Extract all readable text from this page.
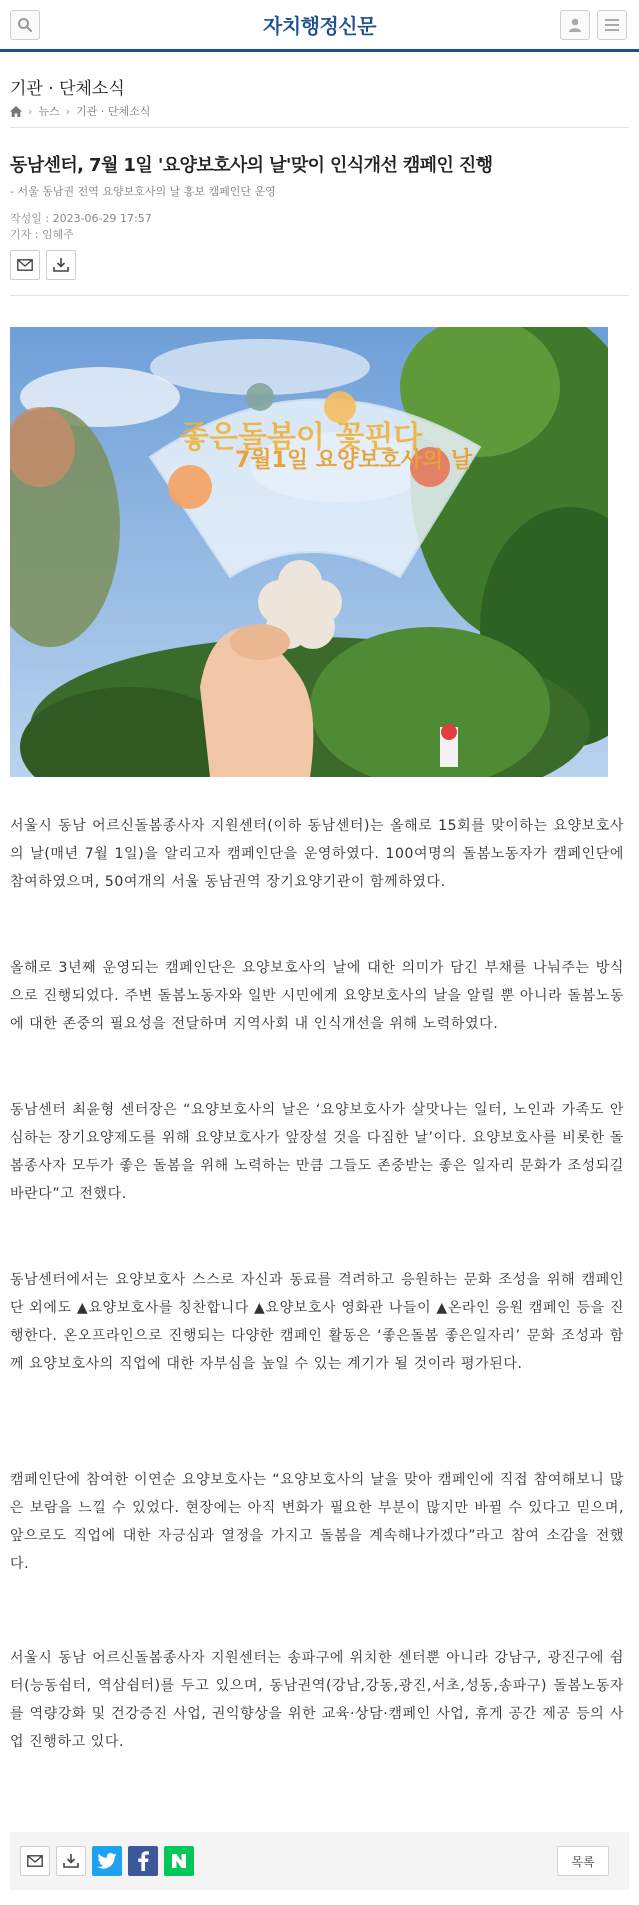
자치행정신문
기관 · 단체소식
› 뉴스 › 기관 · 단체소식
동남센터, 7월 1일 '요양보호사의 날'맞이 인식개선 캠페인 진행
- 서울 동남권 전역 요양보호사의 날 홍보 캠페인단 운영
작성일 : 2023-06-29 17:57
기자 : 임혜주
7월1일 요양보호사의 날
좋은돌봄이 꽃핀다
서울시 동남 어르신돌봄종사자 지원센터(이하 동남센터)는 올해로 15회를 맞이하는 요양보호사의 날(매년 7월 1일)을 알리고자 캠페인단을 운영하였다. 100여명의 돌봄노동자가 캠페인단에 참여하였으며, 50여개의 서울 동남권역 장기요양기관이 함께하였다.
올해로 3년째 운영되는 캠페인단은 요양보호사의 날에 대한 의미가 담긴 부채를 나눠주는 방식으로 진행되었다. 주변 돌봄노동자와 일반 시민에게 요양보호사의 날을 알릴 뿐 아니라 돌봄노동에 대한 존중의 필요성을 전달하며 지역사회 내 인식개선을 위해 노력하였다.
동남센터 최윤형 센터장은 “요양보호사의 날은 ‘요양보호사가 살맛나는 일터, 노인과 가족도 안심하는 장기요양제도를 위해 요양보호사가 앞장설 것을 다짐한 날’이다. 요양보호사를 비롯한 돌봄종사자 모두가 좋은 돌봄을 위해 노력하는 만큼 그들도 존중받는 좋은 일자리 문화가 조성되길 바란다”고 전했다.
동남센터에서는 요양보호사 스스로 자신과 동료를 격려하고 응원하는 문화 조성을 위해 캠페인단 외에도 ▲요양보호사를 칭찬합니다 ▲요양보호사 영화관 나들이 ▲온라인 응원 캠페인 등을 진행한다. 온오프라인으로 진행되는 다양한 캠페인 활동은 ‘좋은돌봄 좋은일자리’ 문화 조성과 함께 요양보호사의 직업에 대한 자부심을 높일 수 있는 계기가 될 것이라 평가된다.
캠페인단에 참여한 이연순 요양보호사는 “요양보호사의 날을 맞아 캠페인에 직접 참여해보니 많은 보람을 느낄 수 있었다. 현장에는 아직 변화가 필요한 부분이 많지만 바뀔 수 있다고 믿으며, 앞으로도 직업에 대한 자긍심과 열정을 가지고 돌봄을 계속해나가겠다”라고 참여 소감을 전했다.
서울시 동남 어르신돌봄종사자 지원센터는 송파구에 위치한 센터뿐 아니라 강남구, 광진구에 쉼터(능동쉼터, 역삼쉼터)를 두고 있으며, 동남권역(강남,강동,광진,서초,성동,송파구) 돌봄노동자를 역량강화 및 건강증진 사업, 권익향상을 위한 교육·상담·캠페인 사업, 휴게 공간 제공 등의 사업 진행하고 있다.
목록
